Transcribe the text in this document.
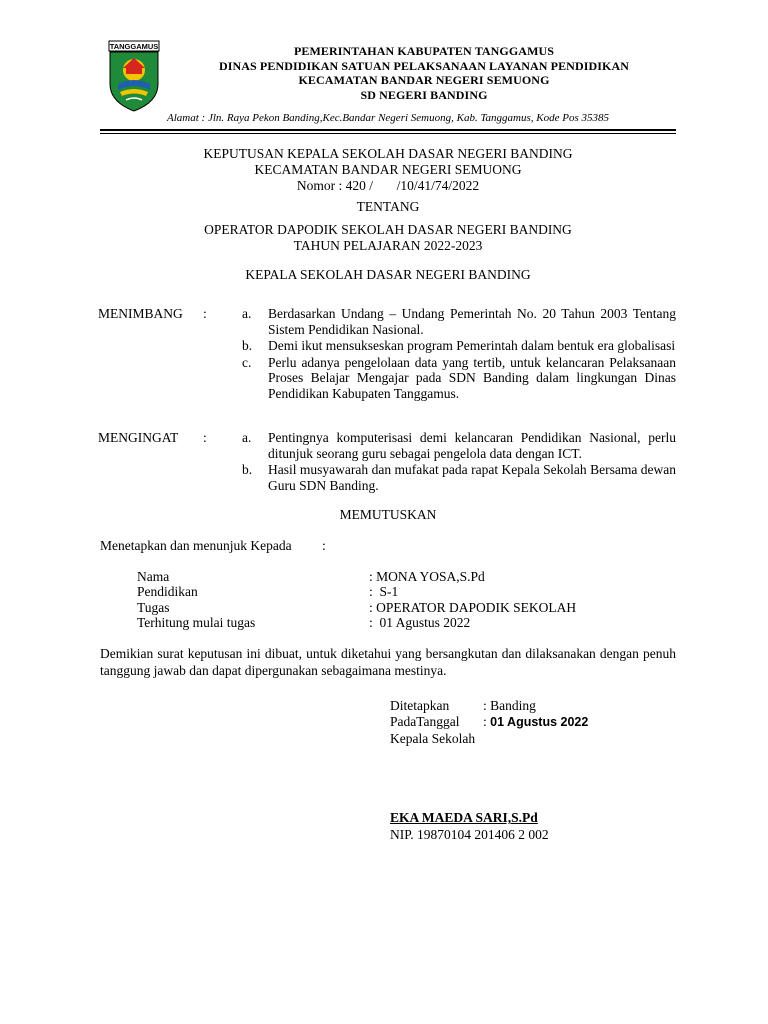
TANGGAMUS	PEMERINTAHAN KABUPATEN TANGGAMUS
DINAS PENDIDIKAN SATUAN PELAKSANAAN LAYANAN PENDIDIKAN
KECAMATAN BANDAR NEGERI SEMUONG
SD NEGERI BANDING
Alamat : Jln. Raya Pekon Banding,Kec.Bandar Negeri Semuong, Kab. Tanggamus, Kode Pos 35385
KEPUTUSAN KEPALA SEKOLAH DASAR NEGERI BANDING
KECAMATAN BANDAR NEGERI SEMUONG
Nomor : 420 /       /10/41/74/2022
TENTANG
OPERATOR DAPODIK SEKOLAH DASAR NEGERI BANDING
TAHUN PELAJARAN 2022-2023
KEPALA SEKOLAH DASAR NEGERI BANDING
MENIMBANG :	a.	Berdasarkan Undang – Undang Pemerintah No. 20 Tahun 2003 Tentang Sistem Pendidikan Nasional.
b.	Demi ikut mensukseskan program Pemerintah dalam bentuk era globalisasi
c.	Perlu adanya pengelolaan data yang tertib, untuk kelancaran Pelaksanaan Proses Belajar Mengajar pada SDN Banding dalam lingkungan Dinas Pendidikan Kabupaten Tanggamus.
MENGINGAT :	a.	Pentingnya komputerisasi demi kelancaran Pendidikan Nasional, perlu ditunjuk seorang guru sebagai pengelola data dengan ICT.
b.	Hasil musyawarah dan mufakat pada rapat Kepala Sekolah Bersama dewan Guru SDN Banding.
MEMUTUSKAN
Menetapkan dan menunjuk Kepada :
Nama	: MONA YOSA,S.Pd
Pendidikan	:  S-1
Tugas	: OPERATOR DAPODIK SEKOLAH
Terhitung mulai tugas	:  01 Agustus 2022
Demikian surat keputusan ini dibuat, untuk diketahui yang bersangkutan dan dilaksanakan dengan penuh tanggung jawab dan dapat dipergunakan sebagaimana mestinya.
Ditetapkan	: Banding
PadaTanggal : 01 Agustus 2022
Kepala Sekolah
EKA MAEDA SARI,S.Pd
NIP. 19870104 201406 2 002
